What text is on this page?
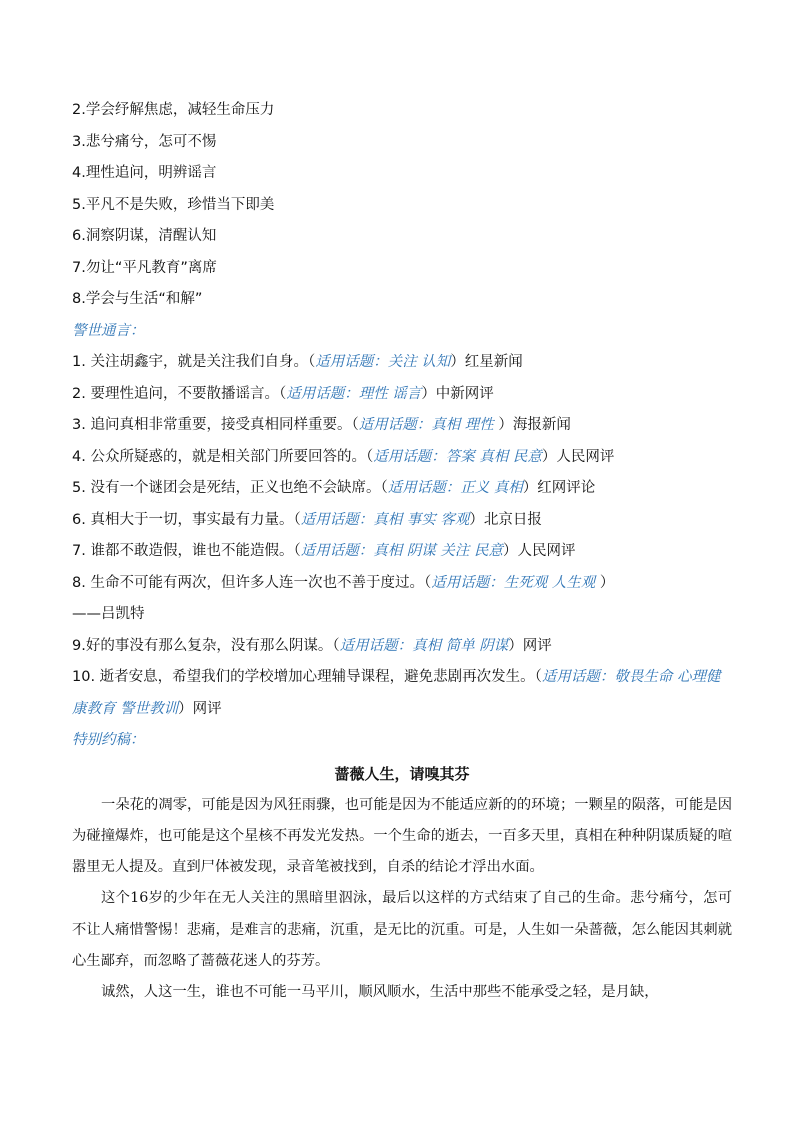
2.学会纾解焦虑，减轻生命压力
3.悲兮痛兮，怎可不惕
4.理性追问，明辨谣言
5.平凡不是失败，珍惜当下即美
6.洞察阴谋，清醒认知
7.勿让“平凡教育”离席
8.学会与生活“和解”
警世通言：
1. 关注胡鑫宇，就是关注我们自身。（适用话题：关注 认知）红星新闻
2. 要理性追问，不要散播谣言。（适用话题：理性 谣言）中新网评
3. 追问真相非常重要，接受真相同样重要。（适用话题：真相 理性 ）海报新闻
4. 公众所疑惑的，就是相关部门所要回答的。（适用话题：答案 真相 民意）人民网评
5. 没有一个谜团会是死结，正义也绝不会缺席。（适用话题：正义 真相）红网评论
6. 真相大于一切，事实最有力量。（适用话题：真相 事实 客观）北京日报
7. 谁都不敢造假，谁也不能造假。（适用话题：真相 阴谋 关注 民意）人民网评
8. 生命不可能有两次，但许多人连一次也不善于度过。（适用话题：生死观 人生观 ）
——吕凯特
9.好的事没有那么复杂，没有那么阴谋。（适用话题：真相 简单 阴谋）网评
10. 逝者安息，希望我们的学校增加心理辅导课程，避免悲剧再次发生。（适用话题：敬畏生命 心理健康教育 警世教训）网评
特别约稿：
蔷薇人生，请嗅其芬

一朵花的凋零，可能是因为风狂雨骤，也可能是因为不能适应新的的环境；一颗星的陨落，可能是因为碰撞爆炸，也可能是这个星核不再发光发热。一个生命的逝去，一百多天里，真相在种种阴谋质疑的喧嚣里无人提及。直到尸体被发现，录音笔被找到，自杀的结论才浮出水面。

这个16岁的少年在无人关注的黑暗里泅泳，最后以这样的方式结束了自己的生命。悲兮痛兮，怎可不让人痛惜警惕！悲痛，是难言的悲痛，沉重，是无比的沉重。可是，人生如一朵蔷薇，怎么能因其刺就心生鄙弃，而忽略了蔷薇花迷人的芬芳。

诚然，人这一生，谁也不可能一马平川，顺风顺水，生活中那些不能承受之轻，是月缺，
